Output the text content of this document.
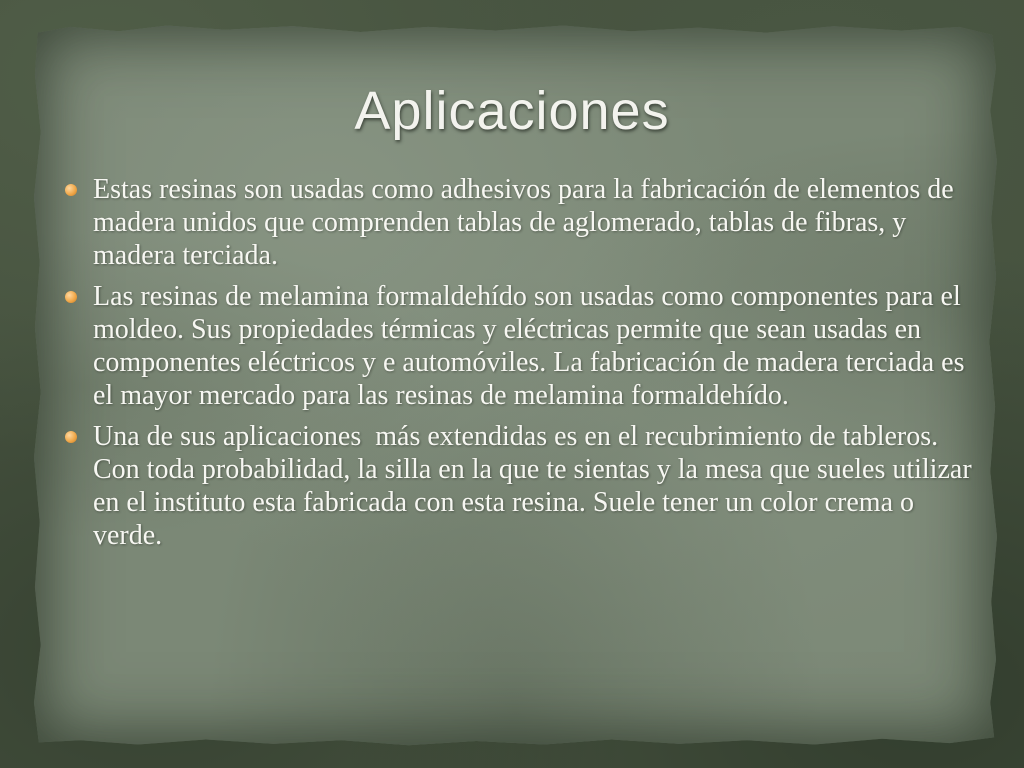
Aplicaciones
Estas resinas son usadas como adhesivos para la fabricación de elementos de madera unidos que comprenden tablas de aglomerado, tablas de fibras, y madera terciada.
Las resinas de melamina formaldehído son usadas como componentes para el moldeo. Sus propiedades térmicas y eléctricas permite que sean usadas en componentes eléctricos y e automóviles. La fabricación de madera terciada es el mayor mercado para las resinas de melamina formaldehído.
Una de sus aplicaciones  más extendidas es en el recubrimiento de tableros. Con toda probabilidad, la silla en la que te sientas y la mesa que sueles utilizar en el instituto esta fabricada con esta resina. Suele tener un color crema o verde.
